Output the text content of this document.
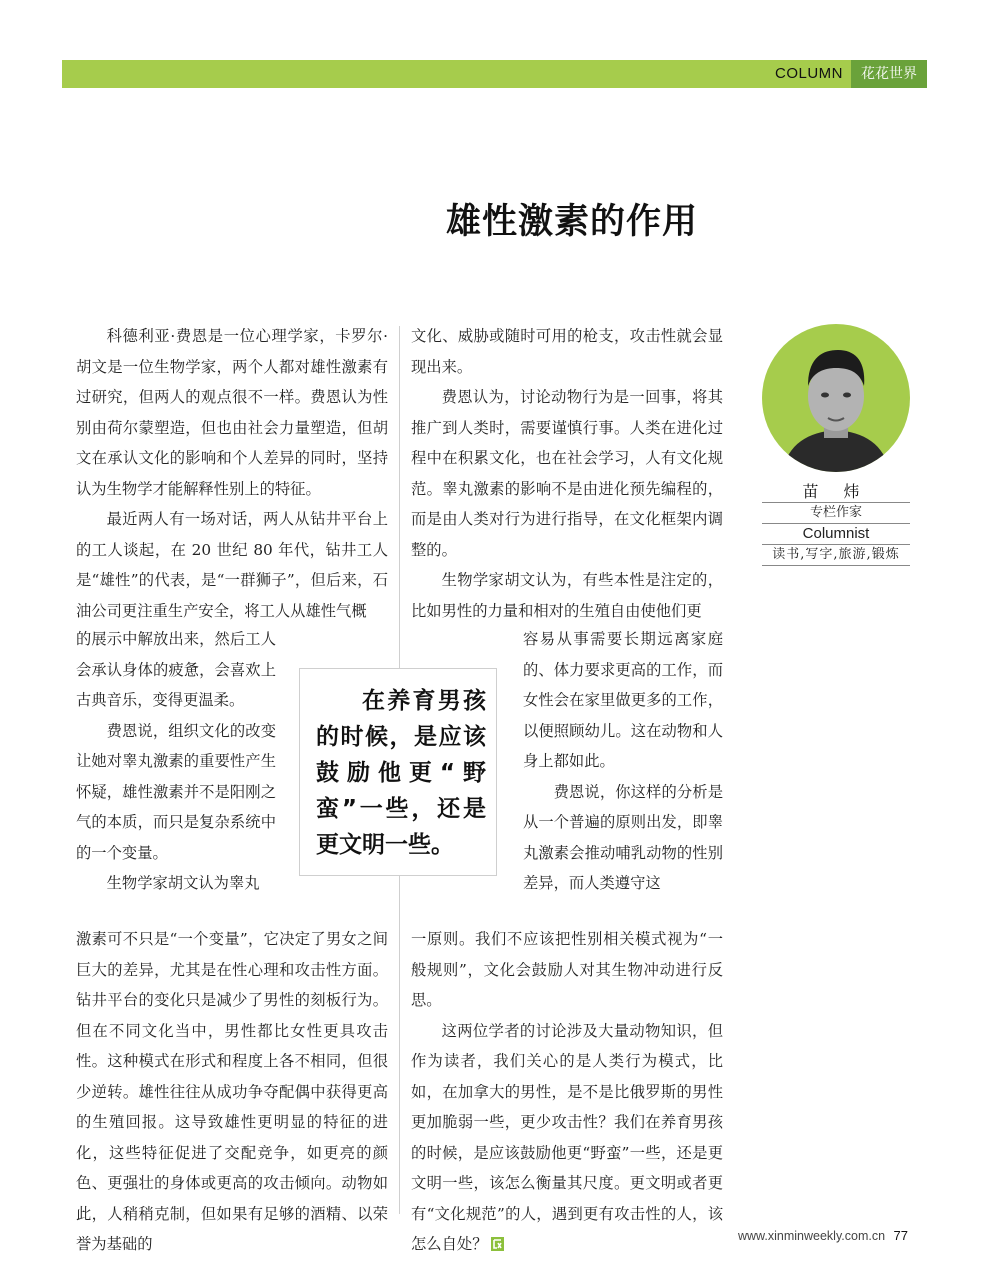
COLUMN	花花世界
雄性激素的作用

科德利亚·费恩是一位心理学家，卡罗尔·胡文是一位生物学家，两个人都对雄性激素有过研究，但两人的观点很不一样。费恩认为性别由荷尔蒙塑造，但也由社会力量塑造，但胡文在承认文化的影响和个人差异的同时，坚持认为生物学才能解释性别上的特征。

最近两人有一场对话，两人从钻井平台上的工人谈起，在 20 世纪 80 年代，钻井工人是“雄性”的代表，是“一群狮子”，但后来，石油公司更注重生产安全，将工人从雄性气概

的展示中解放出来，然后工人会承认身体的疲惫，会喜欢上古典音乐，变得更温柔。

费恩说，组织文化的改变让她对睾丸激素的重要性产生怀疑，雄性激素并不是阳刚之气的本质，而只是复杂系统中的一个变量。

生物学家胡文认为睾丸

激素可不只是“一个变量”，它决定了男女之间巨大的差异，尤其是在性心理和攻击性方面。钻井平台的变化只是减少了男性的刻板行为。但在不同文化当中，男性都比女性更具攻击性。这种模式在形式和程度上各不相同，但很少逆转。雄性往往从成功争夺配偶中获得更高的生殖回报。这导致雄性更明显的特征的进化，这些特征促进了交配竞争，如更亮的颜色、更强壮的身体或更高的攻击倾向。动物如此，人稍稍克制，但如果有足够的酒精、以荣誉为基础的

文化、威胁或随时可用的枪支，攻击性就会显现出来。

费恩认为，讨论动物行为是一回事，将其推广到人类时，需要谨慎行事。人类在进化过程中在积累文化，也在社会学习，人有文化规范。睾丸激素的影响不是由进化预先编程的，而是由人类对行为进行指导，在文化框架内调整的。

生物学家胡文认为，有些本性是注定的，比如男性的力量和相对的生殖自由使他们更

容易从事需要长期远离家庭的、体力要求更高的工作，而女性会在家里做更多的工作，以便照顾幼儿。这在动物和人身上都如此。

费恩说，你这样的分析是从一个普遍的原则出发，即睾丸激素会推动哺乳动物的性别差异，而人类遵守这

一原则。我们不应该把性别相关模式视为“一般规则”，文化会鼓励人对其生物冲动进行反思。

这两位学者的讨论涉及大量动物知识，但作为读者，我们关心的是人类行为模式，比如，在加拿大的男性，是不是比俄罗斯的男性更加脆弱一些，更少攻击性？我们在养育男孩的时候，是应该鼓励他更“野蛮”一些，还是更文明一些，该怎么衡量其尺度。更文明或者更有“文化规范”的人，遇到更有攻击性的人，该怎么自处？

在养育男孩的时候，是应该鼓励他更“野蛮”一些，还是更文明一些。

苗 炜
专栏作家
Columnist
读书,写字,旅游,锻炼
www.xinminweekly.com.cn 77
